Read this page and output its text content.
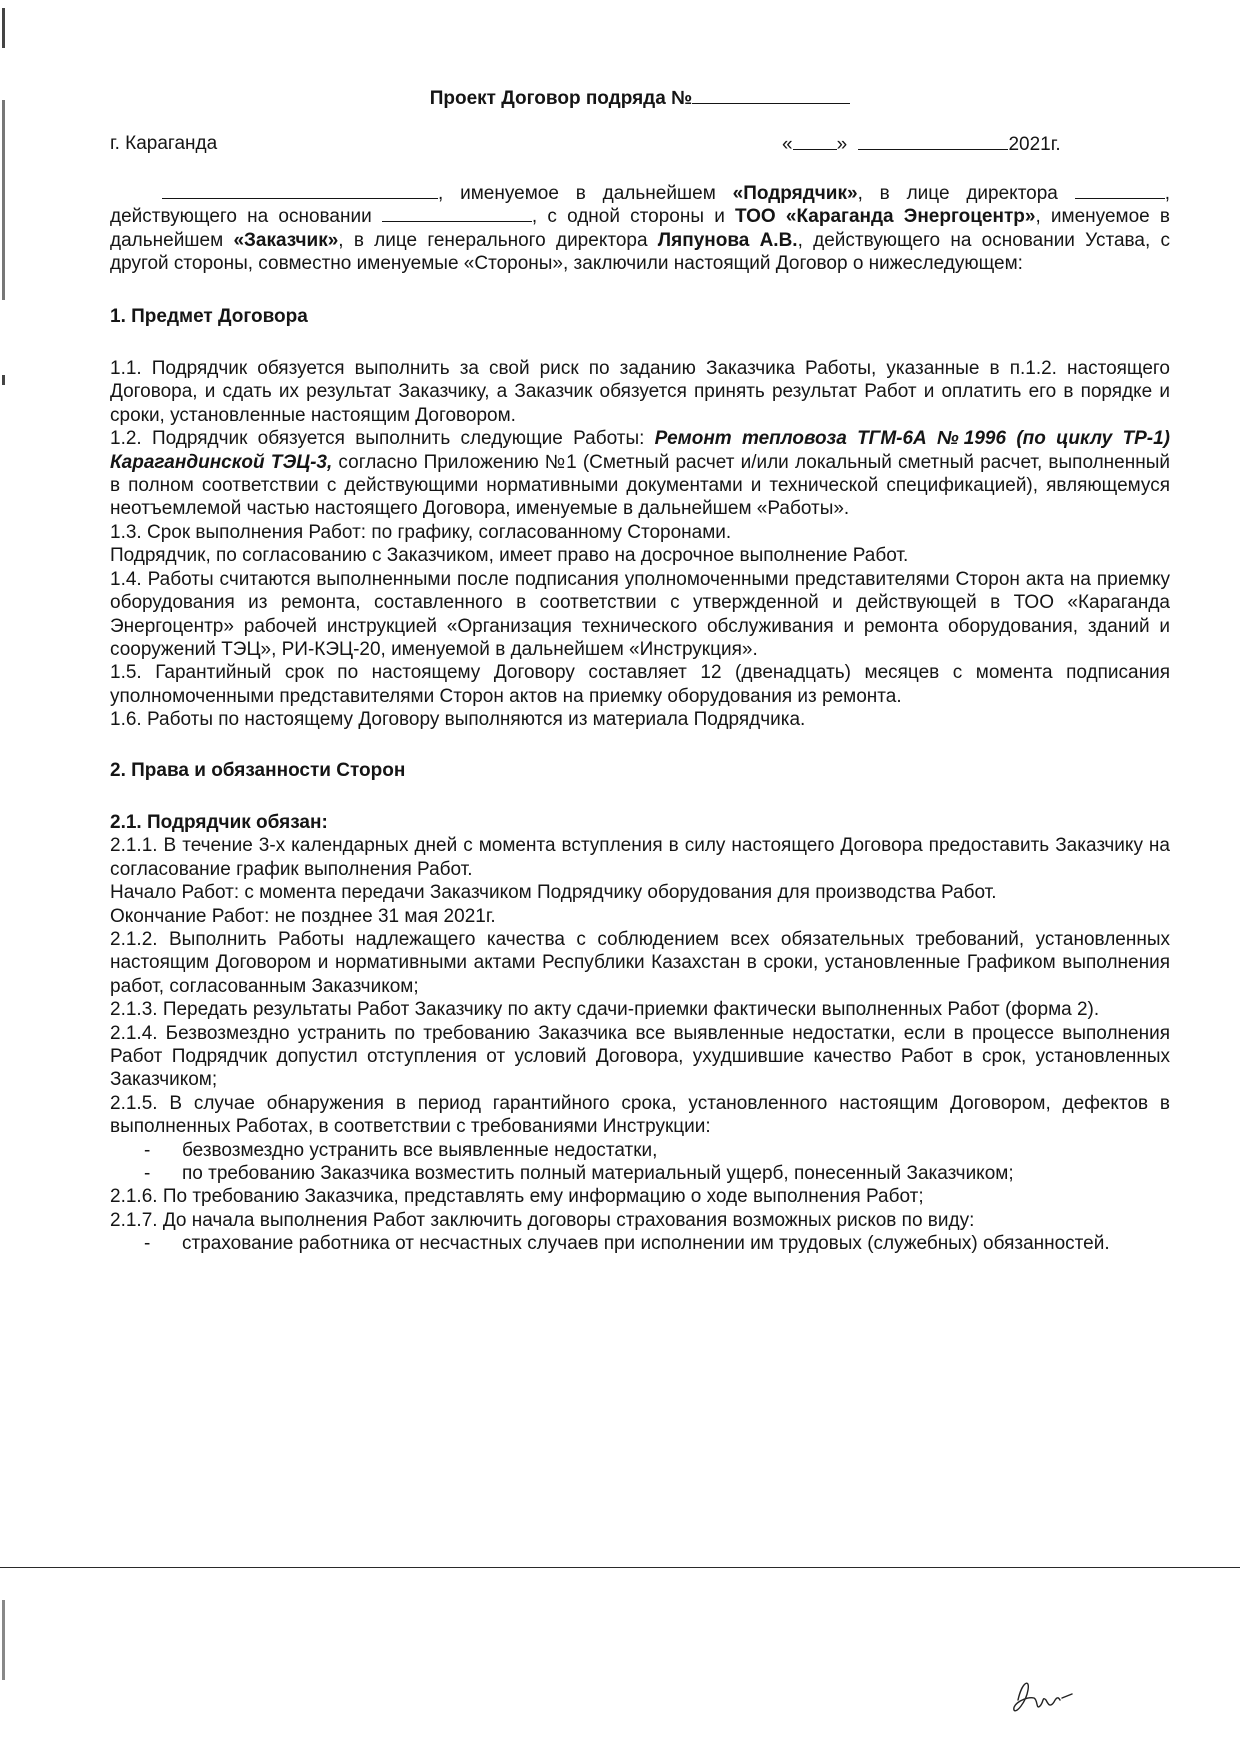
Проект Договор подряда №
г. Караганда	« »	2021г.

, именуемое в дальнейшем «Подрядчик», в лице директора	, действующего на основании	, с одной стороны и ТОО «Караганда Энергоцентр», именуемое в дальнейшем «Заказчик», в лице генерального директора Ляпунова А.В., действующего на основании Устава, с другой стороны, совместно именуемые «Стороны», заключили настоящий Договор о нижеследующем:

1. Предмет Договора

1.1. Подрядчик обязуется выполнить за свой риск по заданию Заказчика Работы, указанные в п.1.2. настоящего Договора, и сдать их результат Заказчику, а Заказчик обязуется принять результат Работ и оплатить его в порядке и сроки, установленные настоящим Договором.

1.2. Подрядчик обязуется выполнить следующие Работы: Ремонт тепловоза ТГМ-6А №1996 (по циклу ТР-1) Карагандинской ТЭЦ-3, согласно Приложению №1 (Сметный расчет и/или локальный сметный расчет, выполненный в полном соответствии с действующими нормативными документами и технической спецификацией), являющемуся неотъемлемой частью настоящего Договора, именуемые в дальнейшем «Работы».

1.3. Срок выполнения Работ: по графику, согласованному Сторонами.

Подрядчик, по согласованию с Заказчиком, имеет право на досрочное выполнение Работ.

1.4. Работы считаются выполненными после подписания уполномоченными представителями Сторон акта на приемку оборудования из ремонта, составленного в соответствии с утвержденной и действующей в ТОО «Караганда Энергоцентр» рабочей инструкцией «Организация технического обслуживания и ремонта оборудования, зданий и сооружений ТЭЦ», РИ-КЭЦ-20, именуемой в дальнейшем «Инструкция».

1.5. Гарантийный срок по настоящему Договору составляет 12 (двенадцать) месяцев с момента подписания уполномоченными представителями Сторон актов на приемку оборудования из ремонта.

1.6. Работы по настоящему Договору выполняются из материала Подрядчика.

2. Права и обязанности Сторон

2.1. Подрядчик обязан:

2.1.1. В течение 3-х календарных дней с момента вступления в силу настоящего Договора предоставить Заказчику на согласование график выполнения Работ.

Начало Работ: с момента передачи Заказчиком Подрядчику оборудования для производства Работ.

Окончание Работ: не позднее 31 мая 2021г.

2.1.2. Выполнить Работы надлежащего качества с соблюдением всех обязательных требований, установленных настоящим Договором и нормативными актами Республики Казахстан в сроки, установленные Графиком выполнения работ, согласованным Заказчиком;

2.1.3. Передать результаты Работ Заказчику по акту сдачи-приемки фактически выполненных Работ (форма 2).

2.1.4. Безвозмездно устранить по требованию Заказчика все выявленные недостатки, если в процессе выполнения Работ Подрядчик допустил отступления от условий Договора, ухудшившие качество Работ в срок, установленных Заказчиком;

2.1.5. В случае обнаружения в период гарантийного срока, установленного настоящим Договором, дефектов в выполненных Работах, в соответствии с требованиями Инструкции:

- безвозмездно устранить все выявленные недостатки,

- по требованию Заказчика возместить полный материальный ущерб, понесенный Заказчиком;

2.1.6. По требованию Заказчика, представлять ему информацию о ходе выполнения Работ;

2.1.7. До начала выполнения Работ заключить договоры страхования возможных рисков по виду:

- страхование работника от несчастных случаев при исполнении им трудовых (служебных) обязанностей.
